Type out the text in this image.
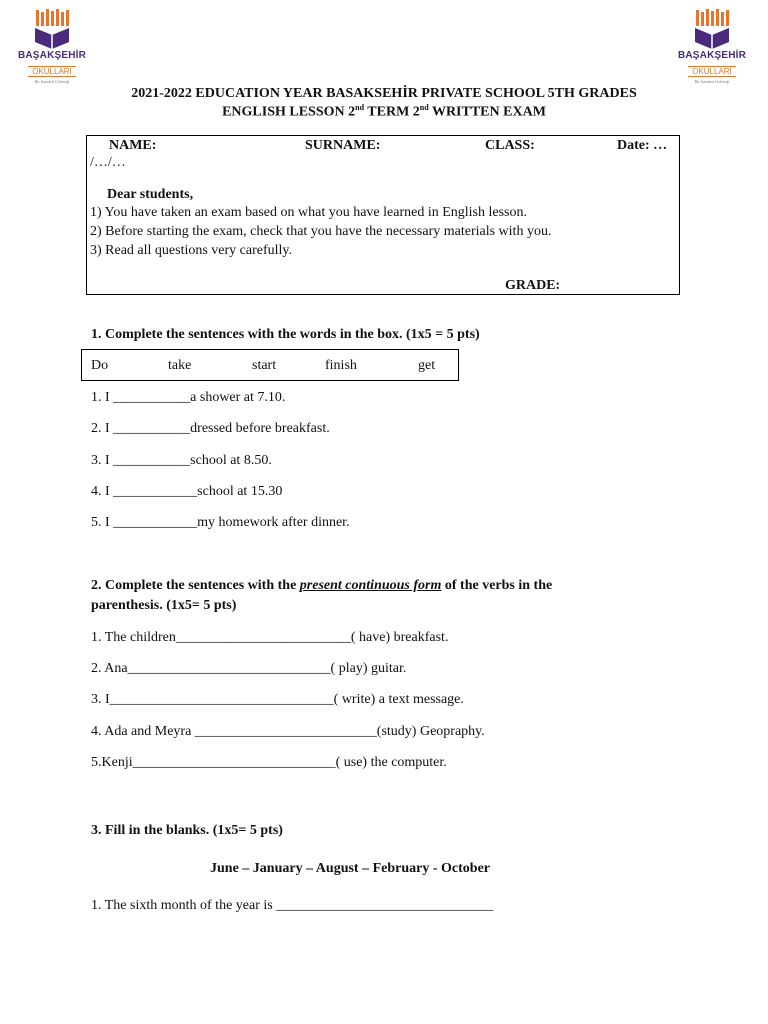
BAŞAKŞEHİR
OKULLARI
Bir İstanbul Geleneği
BAŞAKŞEHİR
OKULLARI
Bir İstanbul Geleneği
2021-2022 EDUCATION YEAR BASAKSEHİR PRIVATE SCHOOL 5TH GRADES
ENGLISH LESSON 2nd TERM 2nd WRITTEN EXAM
NAME:	SURNAME:	CLASS:	Date: …
/…/…
Dear students,
1) You have taken an exam based on what you have learned in English lesson.
2) Before starting the exam, check that you have the necessary materials with you.
3) Read all questions very carefully.
GRADE:
1. Complete the sentences with the words in the box. (1x5 = 5 pts)
Do	take	start	finish	get
1. I ___________a shower at 7.10.
2. I ___________dressed before breakfast.
3. I ___________school at 8.50.
4. I ____________school at 15.30
5. I ____________my homework after dinner.
2. Complete the sentences with the present continuous form of the verbs in the
parenthesis. (1x5= 5 pts)
1. The children_________________________( have) breakfast.
2. Ana_____________________________( play) guitar.
3. I________________________________( write) a text message.
4. Ada and Meyra __________________________(study) Geopraphy.
5.Kenji_____________________________( use) the computer.
3. Fill in the blanks. (1x5= 5 pts)
June – January – August – February - October
1. The sixth month of the year is _______________________________
